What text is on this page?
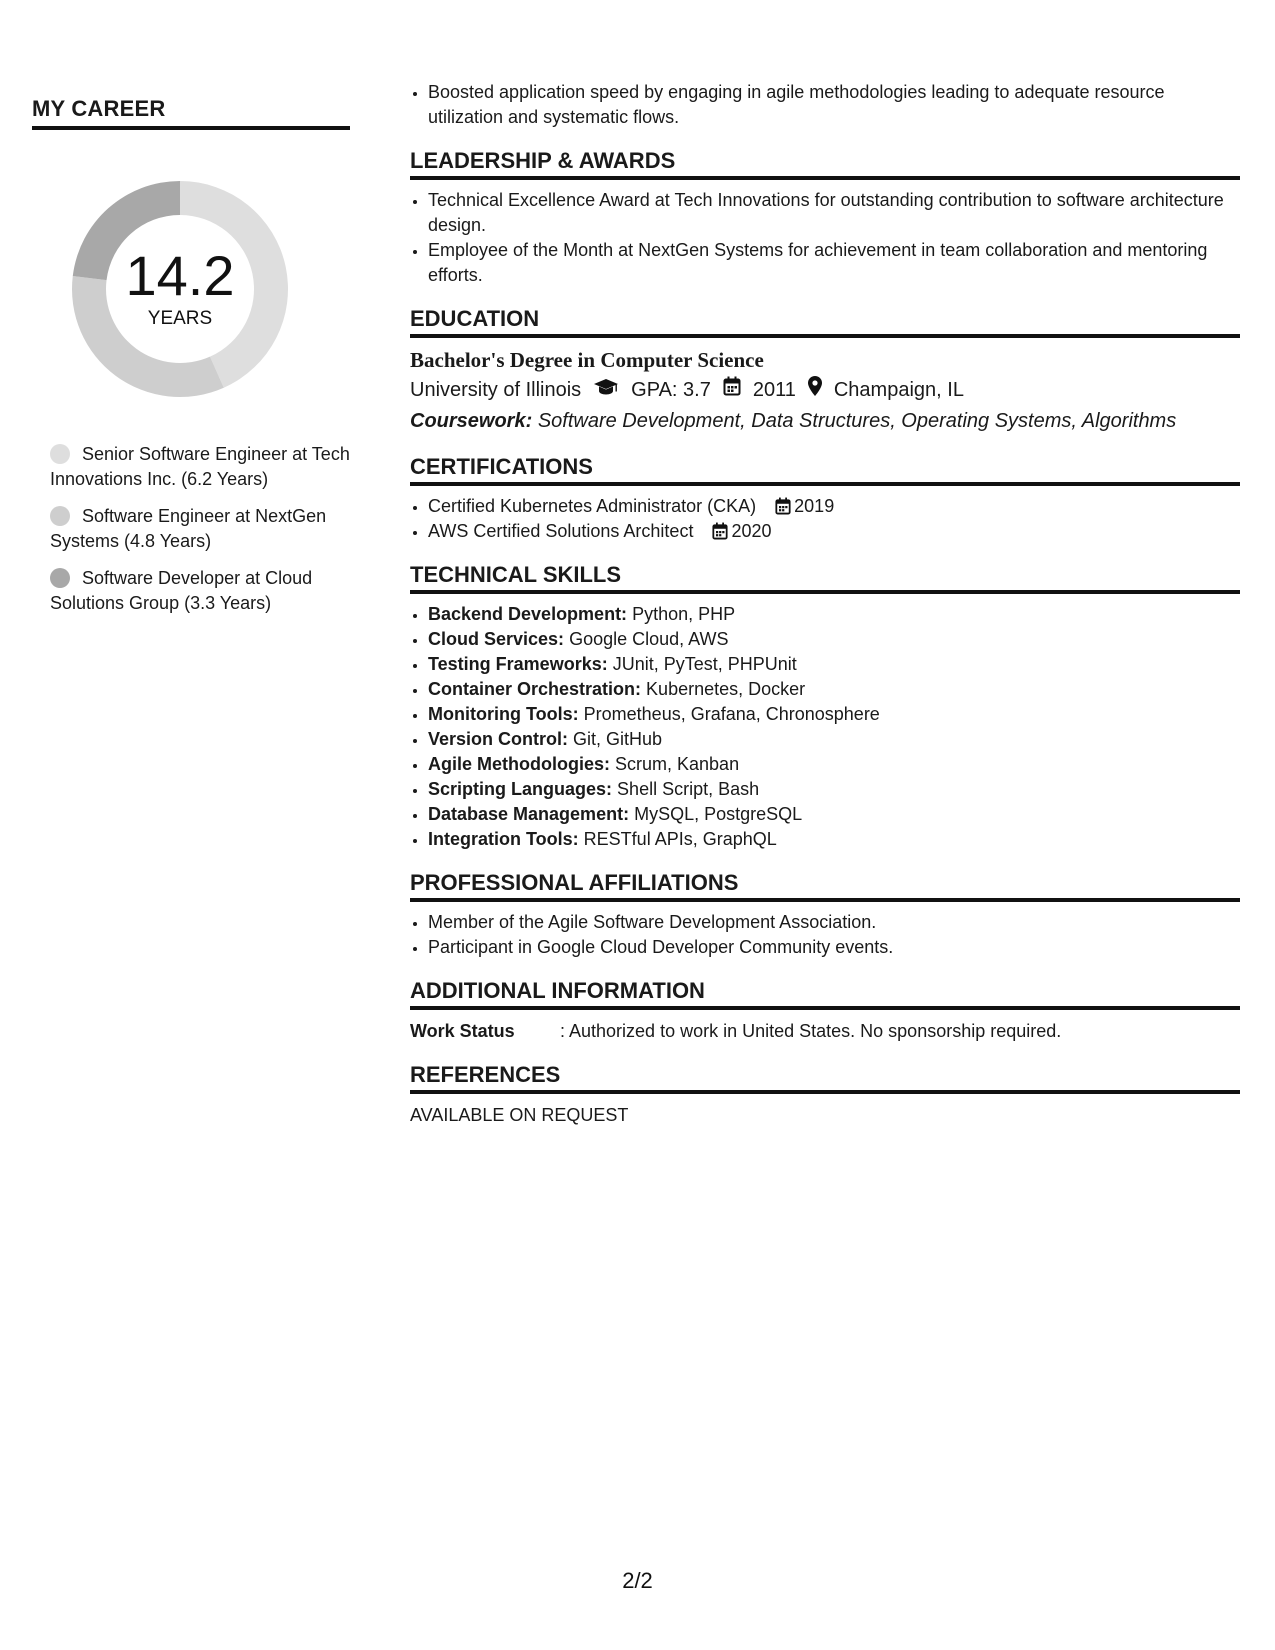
MY CAREER
14.2
YEARS
Senior Software Engineer at Tech Innovations Inc. (6.2 Years)
Software Engineer at NextGen Systems (4.8 Years)
Software Developer at Cloud Solutions Group (3.3 Years)
• Boosted application speed by engaging in agile methodologies leading to adequate resource utilization and systematic flows.
LEADERSHIP & AWARDS
• Technical Excellence Award at Tech Innovations for outstanding contribution to software architecture design.
• Employee of the Month at NextGen Systems for achievement in team collaboration and mentoring efforts.
EDUCATION
Bachelor's Degree in Computer Science
University of Illinois	GPA: 3.7 2011 Champaign, IL
Coursework: Software Development, Data Structures, Operating Systems, Algorithms
CERTIFICATIONS
• Certified Kubernetes Administrator (CKA) 2019
• AWS Certified Solutions Architect 2020
TECHNICAL SKILLS
• Backend Development: Python, PHP
• Cloud Services: Google Cloud, AWS
• Testing Frameworks: JUnit, PyTest, PHPUnit
• Container Orchestration: Kubernetes, Docker
• Monitoring Tools: Prometheus, Grafana, Chronosphere
• Version Control: Git, GitHub
• Agile Methodologies: Scrum, Kanban
• Scripting Languages: Shell Script, Bash
• Database Management: MySQL, PostgreSQL
• Integration Tools: RESTful APIs, GraphQL
PROFESSIONAL AFFILIATIONS
• Member of the Agile Software Development Association.
• Participant in Google Cloud Developer Community events.
ADDITIONAL INFORMATION
Work Status	: Authorized to work in United States. No sponsorship required.
REFERENCES
AVAILABLE ON REQUEST
2/2
